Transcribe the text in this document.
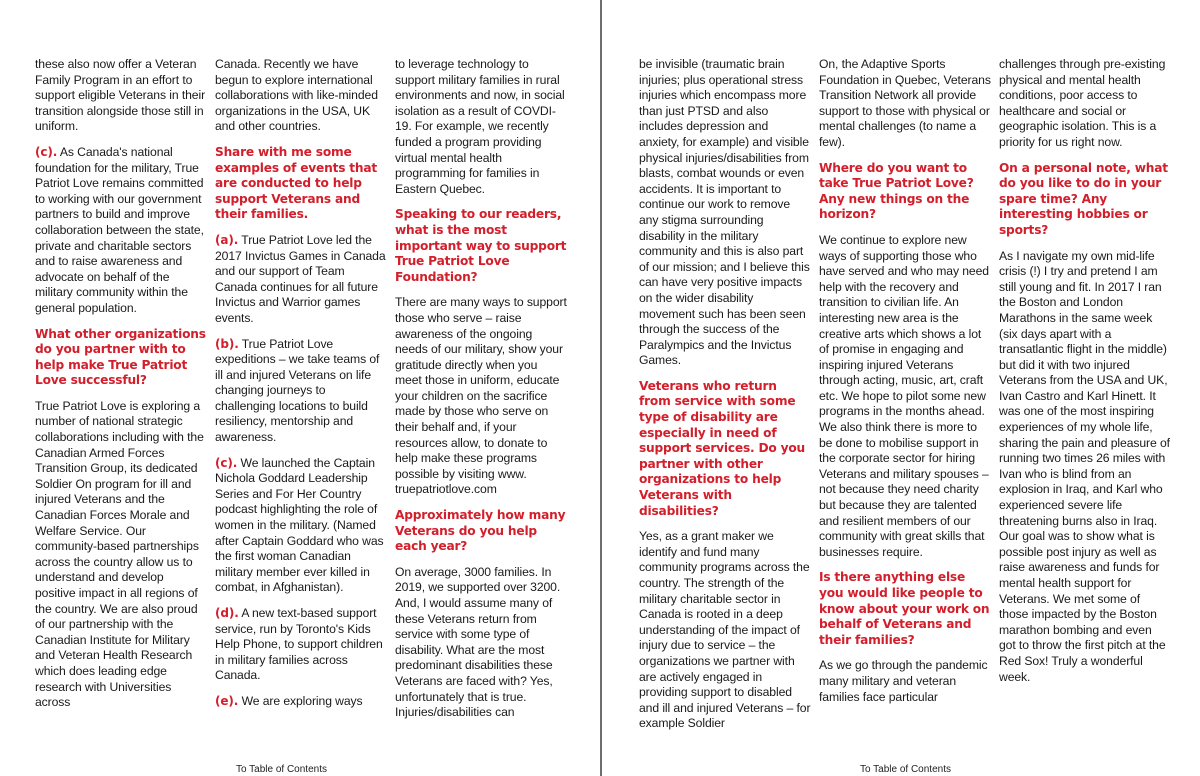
these also now offer a Veteran Family Program in an effort to support eligible Veterans in their transition alongside those still in uniform.

(c). As Canada's national foundation for the military, True Patriot Love remains committed to working with our government partners to build and improve collaboration between the state, private and charitable sectors and to raise awareness and advocate on behalf of the military community within the general population.

What other organizations do you partner with to help make True Patriot Love successful?

True Patriot Love is exploring a number of national strategic collaborations including with the Canadian Armed Forces Transition Group, its dedicated Soldier On program for ill and injured Veterans and the Canadian Forces Morale and Welfare Service. Our community-based partnerships across the country allow us to understand and develop positive impact in all regions of the country. We are also proud of our partnership with the Canadian Institute for Military and Veteran Health Research which does leading edge research with Universities across

Canada. Recently we have begun to explore international collaborations with like-minded organizations in the USA, UK and other countries.

Share with me some examples of events that are conducted to help support Veterans and their families.

(a). True Patriot Love led the 2017 Invictus Games in Canada and our support of Team Canada continues for all future Invictus and Warrior games events.

(b). True Patriot Love expeditions – we take teams of ill and injured Veterans on life changing journeys to challenging locations to build resiliency, mentorship and awareness.

(c). We launched the Captain Nichola Goddard Leadership Series and For Her Country podcast highlighting the role of women in the military. (Named after Captain Goddard who was the first woman Canadian military member ever killed in combat, in Afghanistan).

(d). A new text-based support service, run by Toronto's Kids Help Phone, to support children in military families across Canada.

(e). We are exploring ways

to leverage technology to support military families in rural environments and now, in social isolation as a result of COVDI-19. For example, we recently funded a program providing virtual mental health programming for families in Eastern Quebec.

Speaking to our readers, what is the most important way to support True Patriot Love Foundation?

There are many ways to support those who serve – raise awareness of the ongoing needs of our military, show your gratitude directly when you meet those in uniform, educate your children on the sacrifice made by those who serve on their behalf and, if your resources allow, to donate to help make these programs possible by visiting www. truepatriotlove.com

Approximately how many Veterans do you help each year?

On average, 3000 families. In 2019, we supported over 3200. And, I would assume many of these Veterans return from service with some type of disability. What are the most predominant disabilities these Veterans are faced with? Yes, unfortunately that is true. Injuries/disabilities can

To Table of Contents

be invisible (traumatic brain injuries; plus operational stress injuries which encompass more than just PTSD and also includes depression and anxiety, for example) and visible physical injuries/disabilities from blasts, combat wounds or even accidents. It is important to continue our work to remove any stigma surrounding disability in the military community and this is also part of our mission; and I believe this can have very positive impacts on the wider disability movement such has been seen through the success of the Paralympics and the Invictus Games.

Veterans who return from service with some type of disability are especially in need of support services. Do you partner with other organizations to help Veterans with disabilities?

Yes, as a grant maker we identify and fund many community programs across the country. The strength of the military charitable sector in Canada is rooted in a deep understanding of the impact of injury due to service – the organizations we partner with are actively engaged in providing support to disabled and ill and injured Veterans – for example Soldier

On, the Adaptive Sports Foundation in Quebec, Veterans Transition Network all provide support to those with physical or mental challenges (to name a few).

Where do you want to take True Patriot Love? Any new things on the horizon?

We continue to explore new ways of supporting those who have served and who may need help with the recovery and transition to civilian life. An interesting new area is the creative arts which shows a lot of promise in engaging and inspiring injured Veterans through acting, music, art, craft etc. We hope to pilot some new programs in the months ahead. We also think there is more to be done to mobilise support in the corporate sector for hiring Veterans and military spouses – not because they need charity but because they are talented and resilient members of our community with great skills that businesses require.

Is there anything else you would like people to know about your work on behalf of Veterans and their families?

As we go through the pandemic many military and veteran families face particular

challenges through pre-existing physical and mental health conditions, poor access to healthcare and social or geographic isolation. This is a priority for us right now.

On a personal note, what do you like to do in your spare time? Any interesting hobbies or sports?

As I navigate my own mid-life crisis (!) I try and pretend I am still young and fit. In 2017 I ran the Boston and London Marathons in the same week (six days apart with a transatlantic flight in the middle) but did it with two injured Veterans from the USA and UK, Ivan Castro and Karl Hinett. It was one of the most inspiring experiences of my whole life, sharing the pain and pleasure of running two times 26 miles with Ivan who is blind from an explosion in Iraq, and Karl who experienced severe life threatening burns also in Iraq. Our goal was to show what is possible post injury as well as raise awareness and funds for mental health support for Veterans. We met some of those impacted by the Boston marathon bombing and even got to throw the first pitch at the Red Sox! Truly a wonderful week.

To Table of Contents
